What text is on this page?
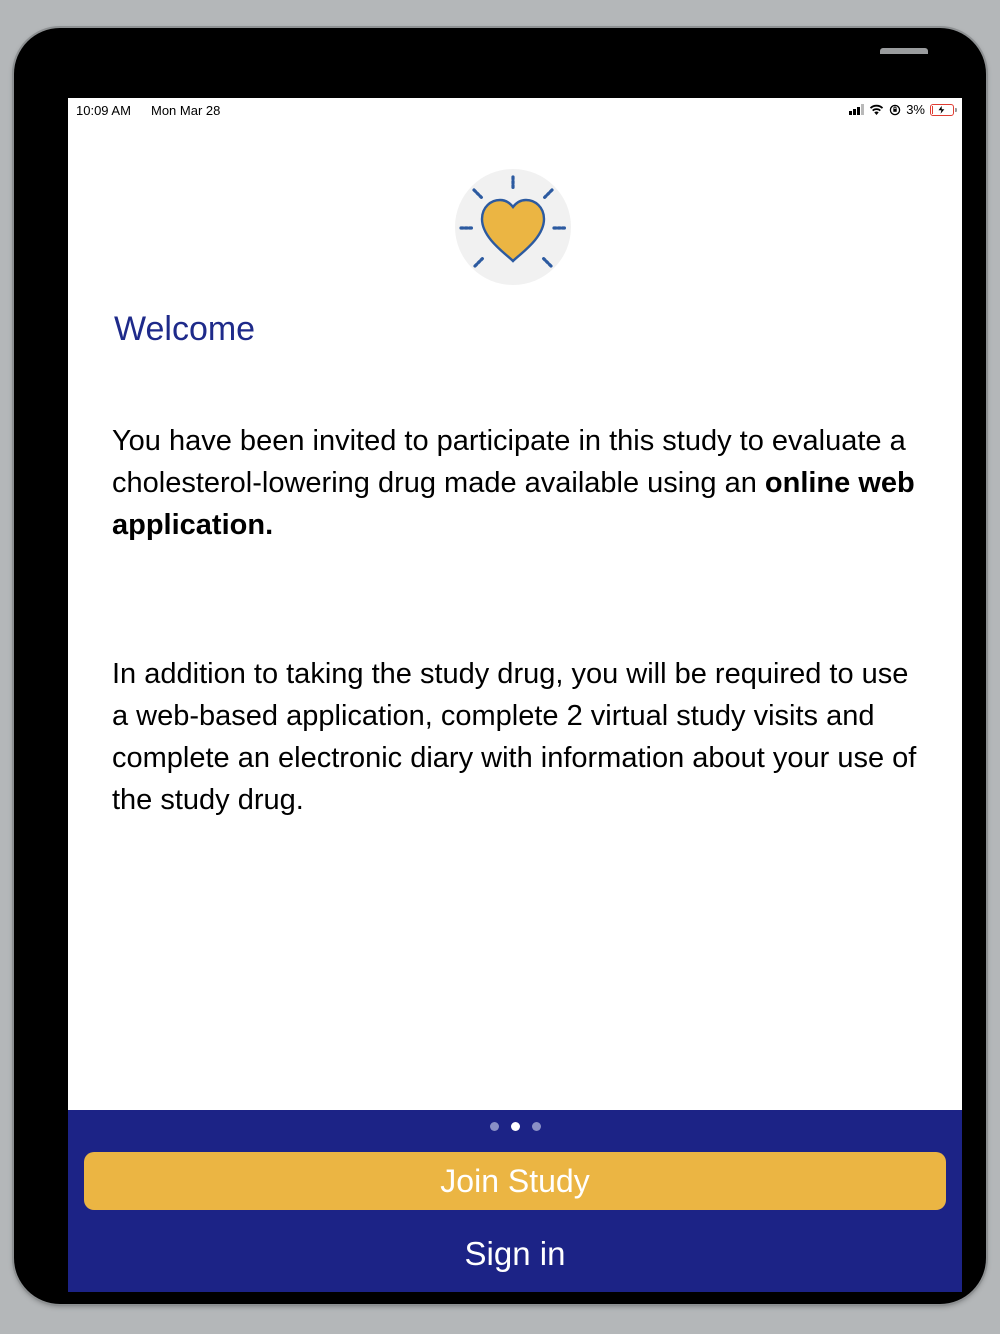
10:09 AM Mon Mar 28	3%
Welcome

You have been invited to participate in this study to evaluate a cholesterol-lowering drug made available using an online web application.

In addition to taking the study drug, you will be required to use a web-based application, complete 2 virtual study visits and complete an electronic diary with information about your use of the study drug.

Join Study
Sign in
